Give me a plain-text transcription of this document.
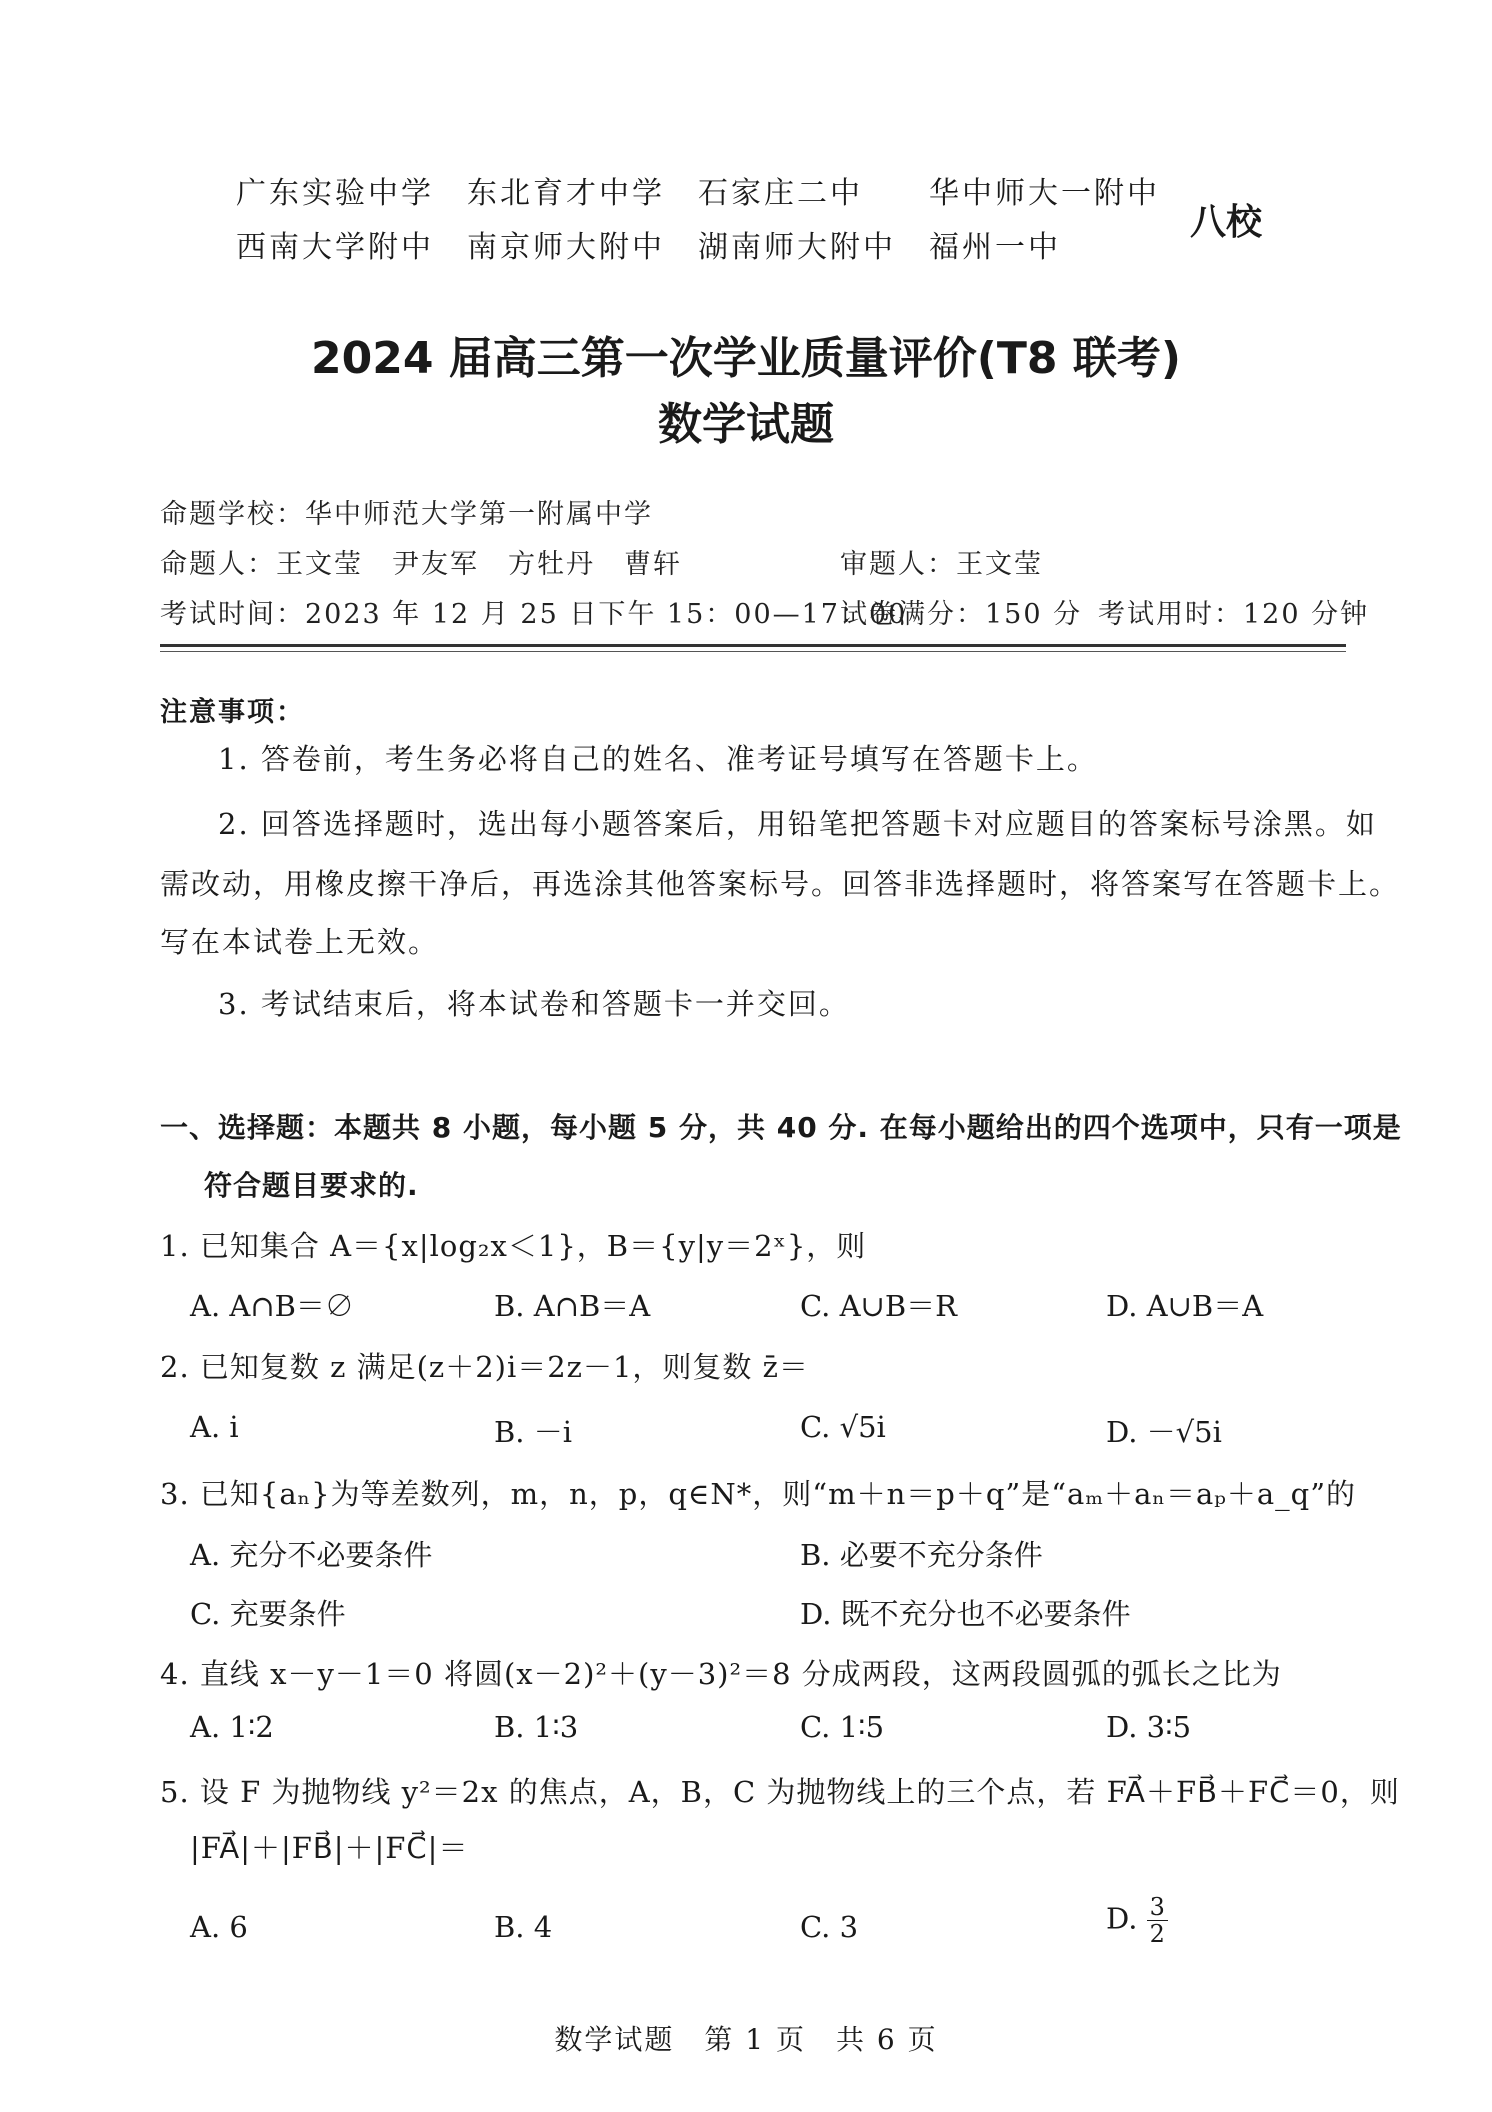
广东实验中学　东北育才中学　石家庄二中　　华中师大一附中
西南大学附中　南京师大附中　湖南师大附中　福州一中
八校
2024 届高三第一次学业质量评价(T8 联考)
数学试题
命题学校：华中师范大学第一附属中学
命题人：王文莹　尹友军　方牡丹　曹轩	审题人：王文莹
考试时间：2023 年 12 月 25 日下午 15：00—17：00
试卷满分：150 分 考试用时：120 分钟
注意事项：
1. 答卷前，考生务必将自己的姓名、准考证号填写在答题卡上。
2. 回答选择题时，选出每小题答案后，用铅笔把答题卡对应题目的答案标号涂黑。如
需改动，用橡皮擦干净后，再选涂其他答案标号。回答非选择题时，将答案写在答题卡上。
写在本试卷上无效。
3. 考试结束后，将本试卷和答题卡一并交回。
一、选择题：本题共 8 小题，每小题 5 分，共 40 分. 在每小题给出的四个选项中，只有一项是
符合题目要求的.
1. 已知集合 A＝{x|log₂x＜1}，B＝{y|y＝2ˣ}，则
A. A∩B＝∅	B. A∩B＝A	C. A∪B＝R	D. A∪B＝A
2. 已知复数 z 满足(z＋2)i＝2z－1，则复数 z̄＝
A. i	B. －i	C. √5i	D. －√5i
3. 已知{aₙ}为等差数列，m，n，p，q∈N*，则“m＋n＝p＋q”是“aₘ＋aₙ＝aₚ＋a_q”的
A. 充分不必要条件	B. 必要不充分条件
C. 充要条件	D. 既不充分也不必要条件
4. 直线 x－y－1＝0 将圆(x－2)²＋(y－3)²＝8 分成两段，这两段圆弧的弧长之比为
A. 1∶2	B. 1∶3	C. 1∶5	D. 3∶5
5. 设 F 为抛物线 y²＝2x 的焦点，A，B，C 为抛物线上的三个点，若 FA⃗＋FB⃗＋FC⃗＝0，则
|FA⃗|＋|FB⃗|＋|FC⃗|＝
A. 6	B. 4	C. 3	D. $\frac{3}{2}$
数学试题　第 1 页　共 6 页
